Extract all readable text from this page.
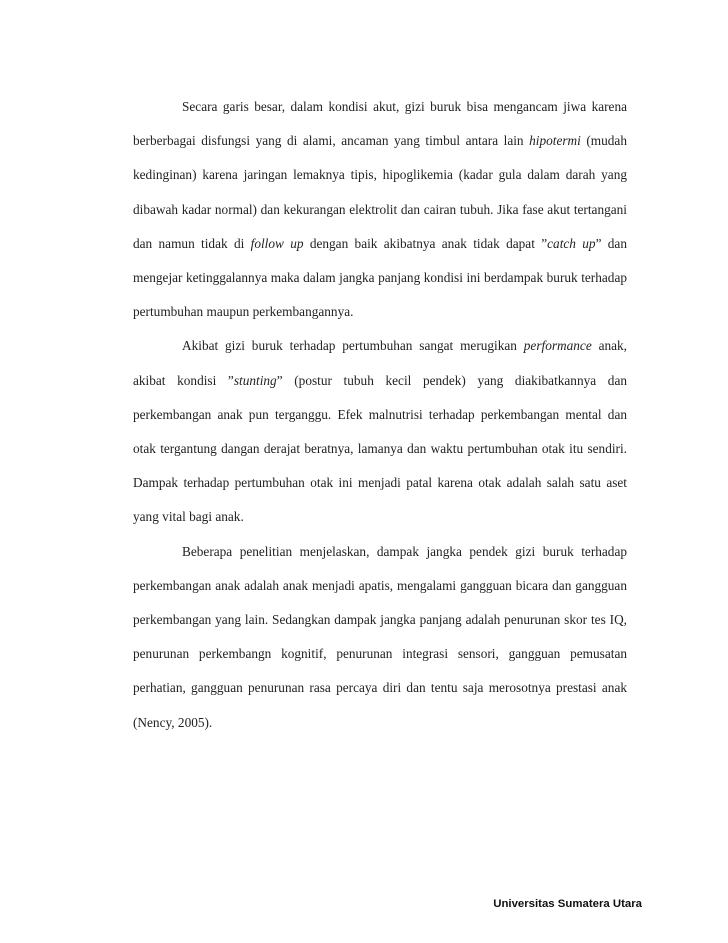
Secara garis besar, dalam kondisi akut, gizi buruk bisa mengancam jiwa karena berberbagai disfungsi yang di alami, ancaman yang timbul antara lain hipotermi (mudah kedinginan) karena jaringan lemaknya tipis, hipoglikemia (kadar gula dalam darah yang dibawah kadar normal) dan kekurangan elektrolit dan cairan tubuh. Jika fase akut tertangani dan namun tidak di follow up dengan baik akibatnya anak tidak dapat ”catch up” dan mengejar ketinggalannya maka dalam jangka panjang kondisi ini berdampak buruk terhadap pertumbuhan maupun perkembangannya.

Akibat gizi buruk terhadap pertumbuhan sangat merugikan performance anak, akibat kondisi ”stunting” (postur tubuh kecil pendek) yang diakibatkannya dan perkembangan anak pun terganggu. Efek malnutrisi terhadap perkembangan mental dan otak tergantung dangan derajat beratnya, lamanya dan waktu pertumbuhan otak itu sendiri. Dampak terhadap pertumbuhan otak ini menjadi patal karena otak adalah salah satu aset yang vital bagi anak.

Beberapa penelitian menjelaskan, dampak jangka pendek gizi buruk terhadap perkembangan anak adalah anak menjadi apatis, mengalami gangguan bicara dan gangguan perkembangan yang lain. Sedangkan dampak jangka panjang adalah penurunan skor tes IQ, penurunan perkembangn kognitif, penurunan integrasi sensori, gangguan pemusatan perhatian, gangguan penurunan rasa percaya diri dan tentu saja merosotnya prestasi anak (Nency, 2005).

Universitas Sumatera Utara
